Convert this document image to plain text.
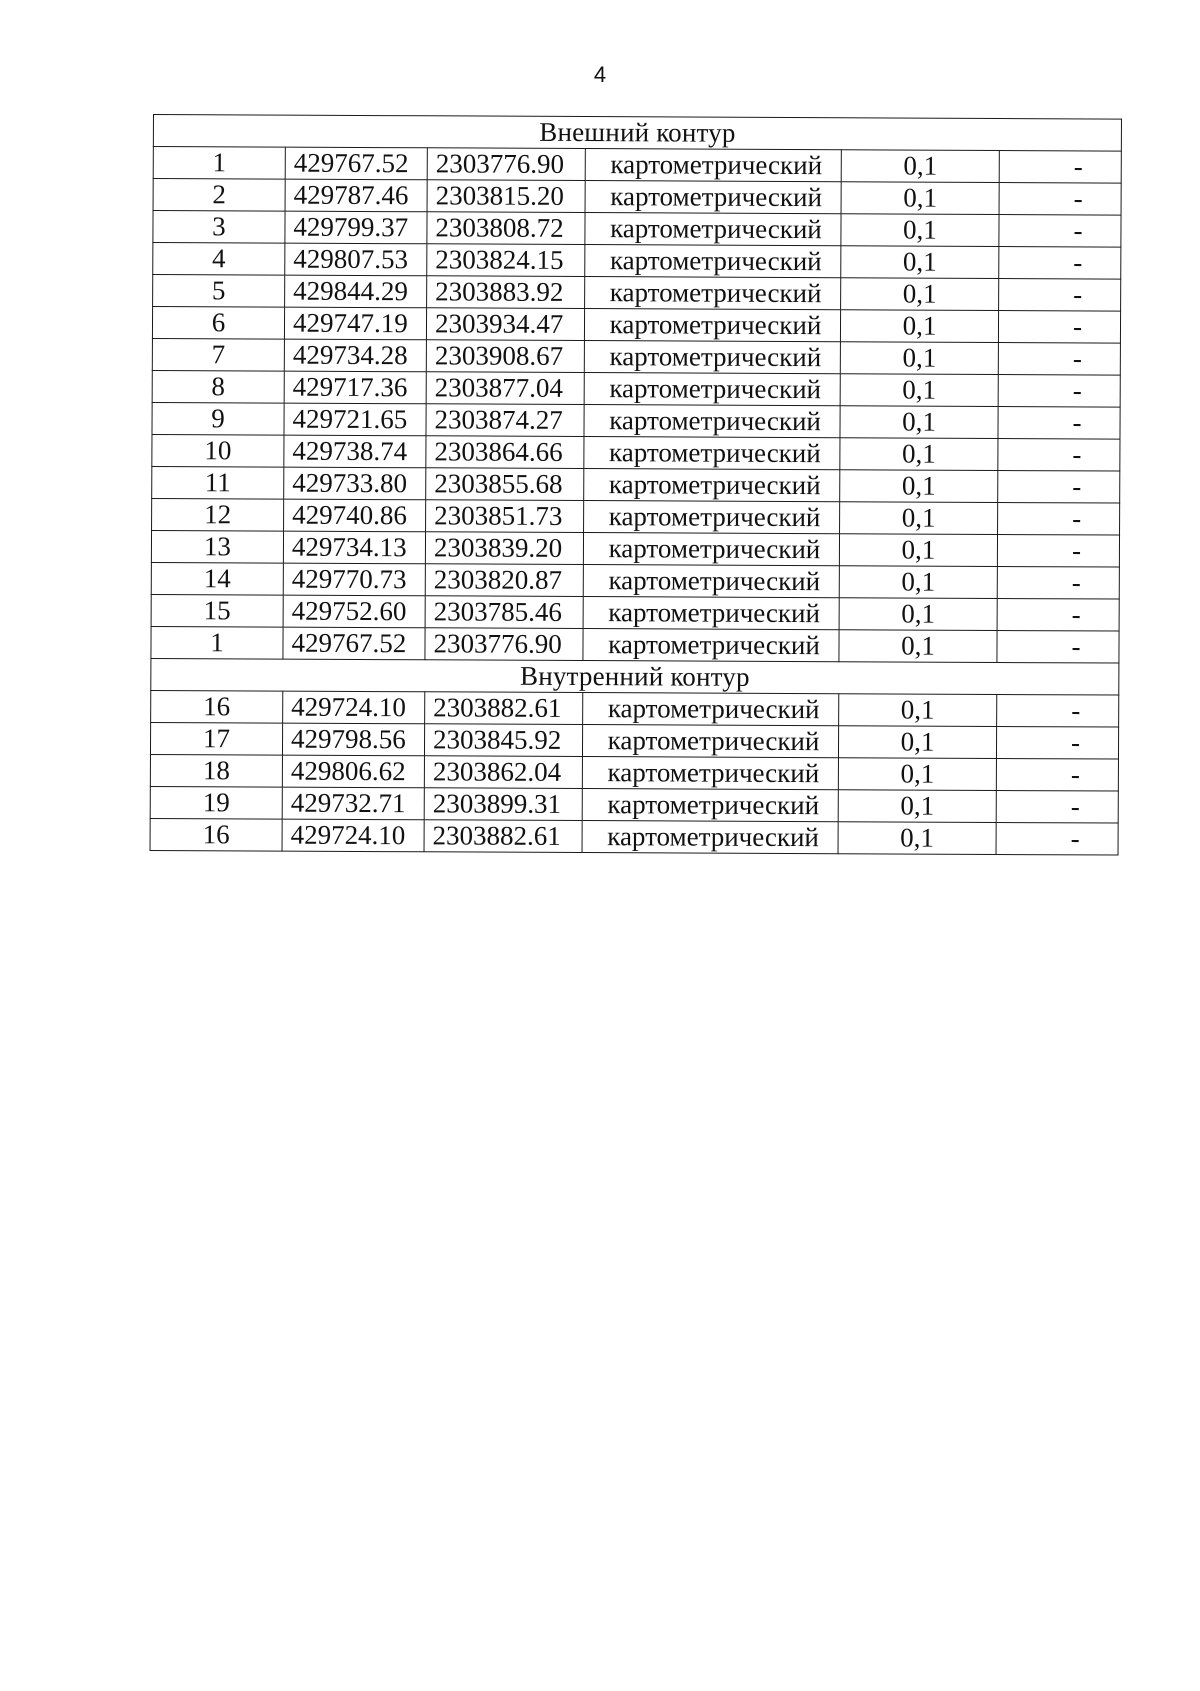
4
Внешний контур					
1	429767.52	2303776.90	картометрический	0,1	-
2	429787.46	2303815.20	картометрический	0,1	-
3	429799.37	2303808.72	картометрический	0,1	-
4	429807.53	2303824.15	картометрический	0,1	-
5	429844.29	2303883.92	картометрический	0,1	-
6	429747.19	2303934.47	картометрический	0,1	-
7	429734.28	2303908.67	картометрический	0,1	-
8	429717.36	2303877.04	картометрический	0,1	-
9	429721.65	2303874.27	картометрический	0,1	-
10	429738.74	2303864.66	картометрический	0,1	-
11	429733.80	2303855.68	картометрический	0,1	-
12	429740.86	2303851.73	картометрический	0,1	-
13	429734.13	2303839.20	картометрический	0,1	-
14	429770.73	2303820.87	картометрический	0,1	-
15	429752.60	2303785.46	картометрический	0,1	-
1	429767.52	2303776.90	картометрический	0,1	-
Внутренний контур					
16	429724.10	2303882.61	картометрический	0,1	-
17	429798.56	2303845.92	картометрический	0,1	-
18	429806.62	2303862.04	картометрический	0,1	-
19	429732.71	2303899.31	картометрический	0,1	-
16	429724.10	2303882.61	картометрический	0,1	-
